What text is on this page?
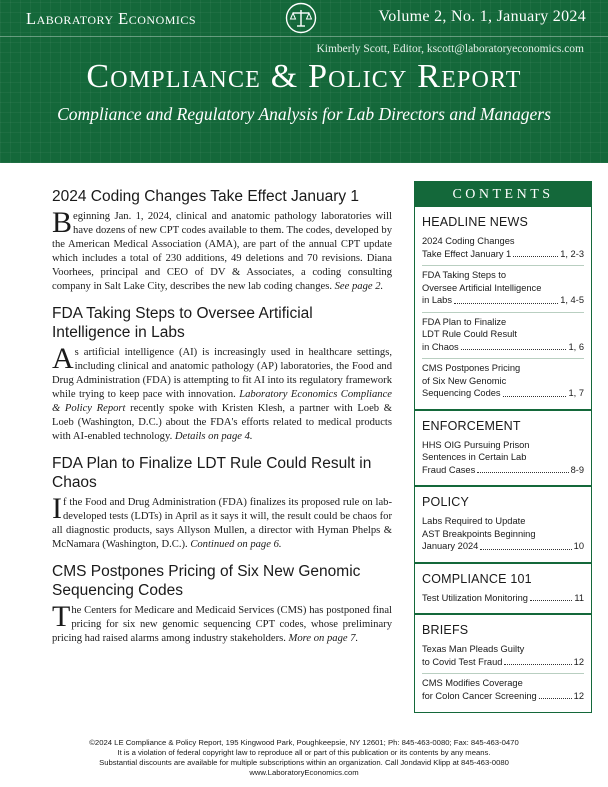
Laboratory Economics	Volume 2, No. 1, January 2024
Kimberly Scott, Editor, kscott@laboratoryeconomics.com
Compliance & Policy Report
Compliance and Regulatory Analysis for Lab Directors and Managers
2024 Coding Changes Take Effect January 1

Beginning Jan. 1, 2024, clinical and anatomic pathology laboratories will have dozens of new CPT codes available to them. The codes, developed by the American Medical Association (AMA), are part of the annual CPT update which includes a total of 230 additions, 49 deletions and 70 revisions. Diana Voorhees, principal and CEO of DV & Associates, a coding consulting company in Salt Lake City, describes the new lab coding changes. See page 2.

FDA Taking Steps to Oversee Artificial Intelligence in Labs

As artificial intelligence (AI) is increasingly used in healthcare settings, including clinical and anatomic pathology (AP) laboratories, the Food and Drug Administration (FDA) is attempting to fit AI into its regulatory framework while trying to keep pace with innovation. Laboratory Economics Compliance & Policy Report recently spoke with Kristen Klesh, a partner with Loeb & Loeb (Washington, D.C.) about the FDA's efforts related to medical products with AI-enabled technology. Details on page 4.

FDA Plan to Finalize LDT Rule Could Result in Chaos

If the Food and Drug Administration (FDA) finalizes its proposed rule on lab-developed tests (LDTs) in April as it says it will, the result could be chaos for all diagnostic products, says Allyson Mullen, a director with Hyman Phelps & McNamara (Washington, D.C.). Continued on page 6.

CMS Postpones Pricing of Six New Genomic Sequencing Codes

The Centers for Medicare and Medicaid Services (CMS) has postponed final pricing for six new genomic sequencing CPT codes, whose preliminary pricing had raised alarms among industry stakeholders. More on page 7.

CONTENTS
HEADLINE NEWS
2024 Coding Changes
Take Effect January 1	1, 2-3
FDA Taking Steps to
Oversee Artificial Intelligence
in Labs	1, 4-5
FDA Plan to Finalize
LDT Rule Could Result
in Chaos	1, 6
CMS Postpones Pricing
of Six New Genomic
Sequencing Codes	1, 7
ENFORCEMENT
HHS OIG Pursuing Prison
Sentences in Certain Lab
Fraud Cases	8-9
POLICY
Labs Required to Update
AST Breakpoints Beginning
January 2024	10
COMPLIANCE 101
Test Utilization Monitoring	11
BRIEFS
Texas Man Pleads Guilty
to Covid Test Fraud	12
CMS Modifies Coverage
for Colon Cancer Screening	12
©2024 LE Compliance & Policy Report, 195 Kingwood Park, Poughkeepsie, NY 12601; Ph: 845-463-0080; Fax: 845-463-0470
It is a violation of federal copyright law to reproduce all or part of this publication or its contents by any means.
Substantial discounts are available for multiple subscriptions within an organization. Call Jondavid Klipp at 845-463-0080
www.LaboratoryEconomics.com
